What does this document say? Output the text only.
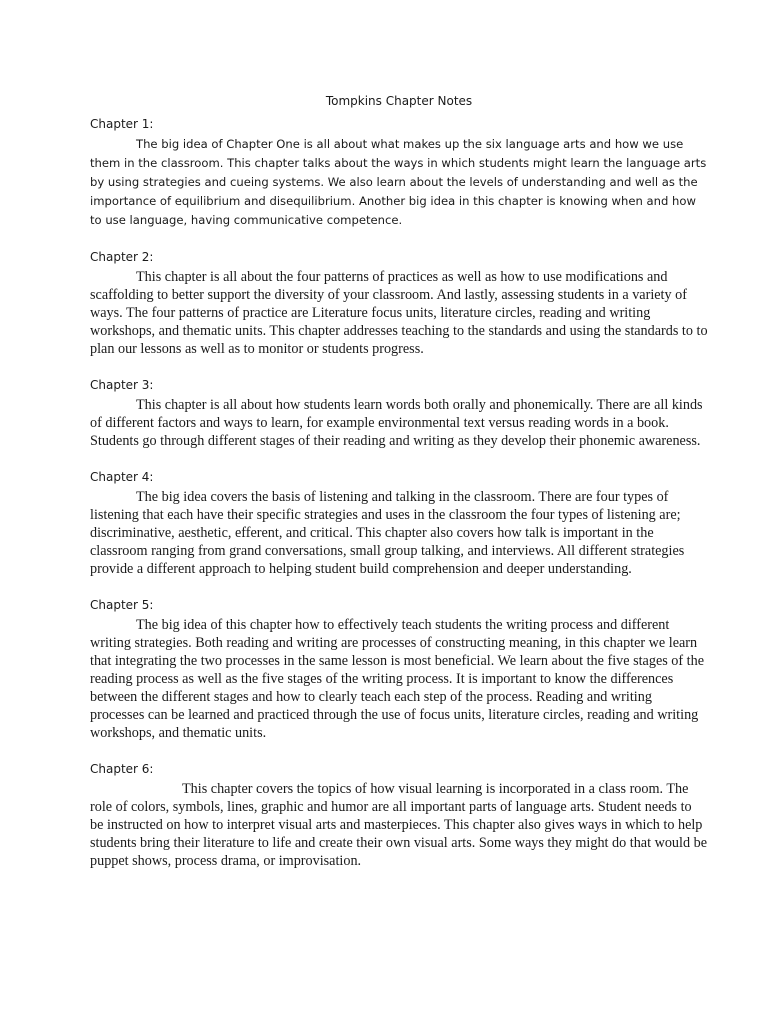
Tompkins Chapter Notes
Chapter 1:

The big idea of Chapter One is all about what makes up the six language arts and how we use them in the classroom. This chapter talks about the ways in which students might learn the language arts by using strategies and cueing systems. We also learn about the levels of understanding and well as the importance of equilibrium and disequilibrium. Another big idea in this chapter is knowing when and how to use language, having communicative competence.

Chapter 2:

This chapter is all about the four patterns of practices as well as how to use modifications and scaffolding to better support the diversity of your classroom. And lastly, assessing students in a variety of ways. The four patterns of practice are Literature focus units, literature circles, reading and writing workshops, and thematic units. This chapter addresses teaching to the standards and using the standards to to plan our lessons as well as to monitor or students progress.

Chapter 3:

This chapter is all about how students learn words both orally and phonemically. There are all kinds of different factors and ways to learn, for example environmental text versus reading words in a book. Students go through different stages of their reading and writing as they develop their phonemic awareness.

Chapter 4:

The big idea covers the basis of listening and talking in the classroom. There are four types of listening that each have their specific strategies and uses in the classroom the four types of listening are; discriminative, aesthetic, efferent, and critical. This chapter also covers how talk is important in the classroom ranging from grand conversations, small group talking, and interviews. All different strategies provide a different approach to helping student build comprehension and deeper understanding.

Chapter 5:

The big idea of this chapter how to effectively teach students the writing process and different writing strategies. Both reading and writing are processes of constructing meaning, in this chapter we learn that integrating the two processes in the same lesson is most beneficial. We learn about the five stages of the reading process as well as the five stages of the writing process. It is important to know the differences between the different stages and how to clearly teach each step of the process. Reading and writing processes can be learned and practiced through the use of focus units, literature circles, reading and writing workshops, and thematic units.

Chapter 6:

This chapter covers the topics of how visual learning is incorporated in a class room. The role of colors, symbols, lines, graphic and humor are all important parts of language arts. Student needs to be instructed on how to interpret visual arts and masterpieces. This chapter also gives ways in which to help students bring their literature to life and create their own visual arts. Some ways they might do that would be puppet shows, process drama, or improvisation.
